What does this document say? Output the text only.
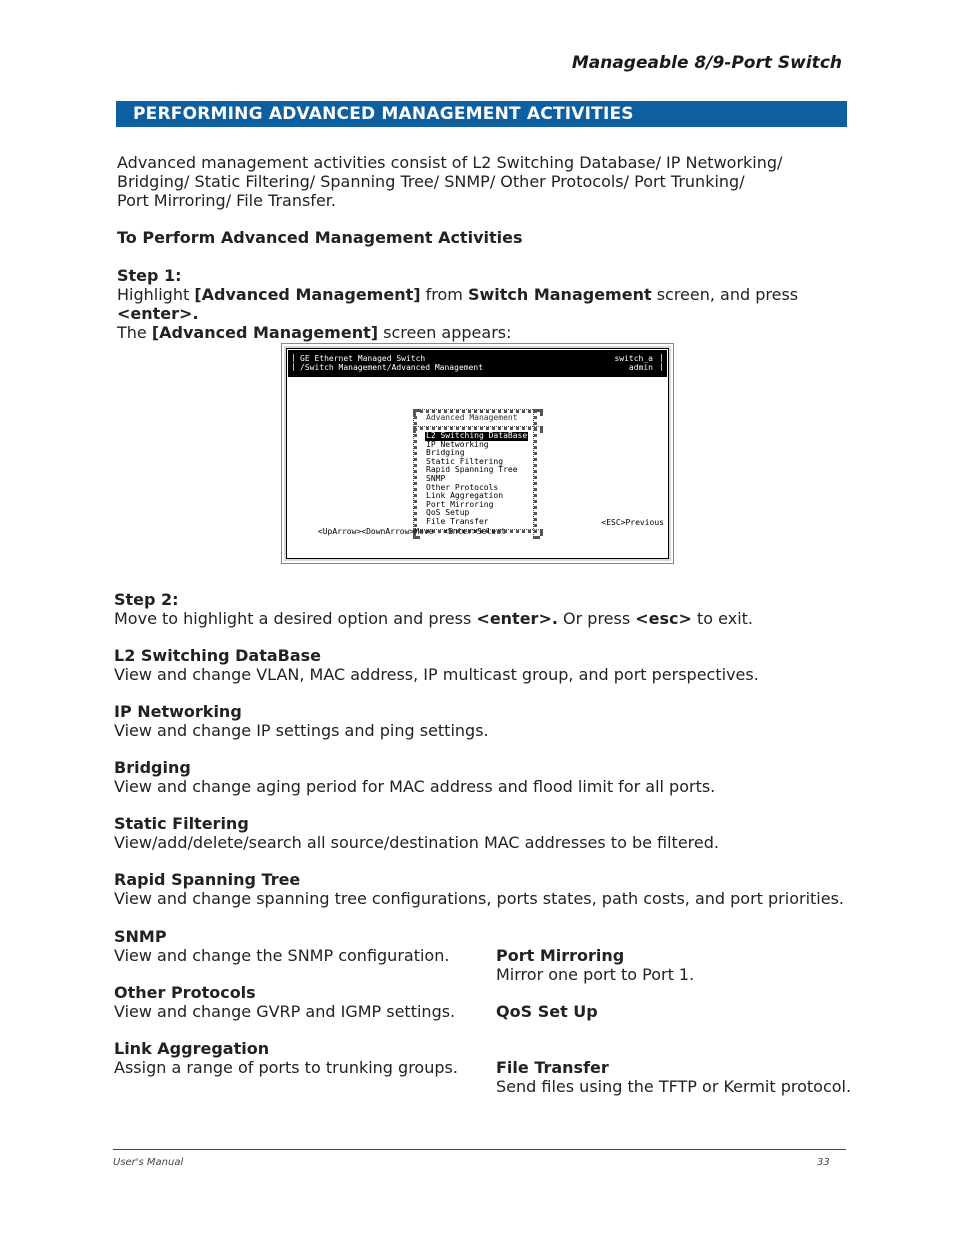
Manageable 8/9-Port Switch
PERFORMING ADVANCED MANAGEMENT ACTIVITIES
Advanced management activities consist of L2 Switching Database/ IP Networking/
Bridging/ Static Filtering/ Spanning Tree/ SNMP/ Other Protocols/ Port Trunking/
Port Mirroring/ File Transfer.
To Perform Advanced Management Activities
Step 1:
Highlight [Advanced Management] from Switch Management screen, and press <enter>.
The [Advanced Management] screen appears:
|
|
GE Ethernet Managed Switch
/Switch Management/Advanced Management
switch_a
admin
|
|
Advanced Management
L2 Switching DataBase
IP Networking
Bridging
Static Filtering
Rapid Spanning Tree
SNMP
Other Protocols
Link Aggregation
Port Mirroring
QoS Setup
File Transfer

<UpArrow><DownArrow>Move  <Enter>Select

<ESC>Previous

Step 2:
Move to highlight a desired option and press <enter>. Or press <esc> to exit.
L2 Switching DataBase
View and change VLAN, MAC address, IP multicast group, and port perspectives.
IP Networking
View and change IP settings and ping settings.
Bridging
View and change aging period for MAC address and flood limit for all ports.
Static Filtering
View/add/delete/search all source/destination MAC addresses to be filtered.
Rapid Spanning Tree
View and change spanning tree configurations, ports states, path costs, and port priorities.
SNMP
View and change the SNMP configuration.
Other Protocols
View and change GVRP and IGMP settings.
Link Aggregation
Assign a range of ports to trunking groups.
Port Mirroring
Mirror one port to Port 1.
QoS Set Up
File Transfer
Send files using the TFTP or Kermit protocol.
User's Manual	33
